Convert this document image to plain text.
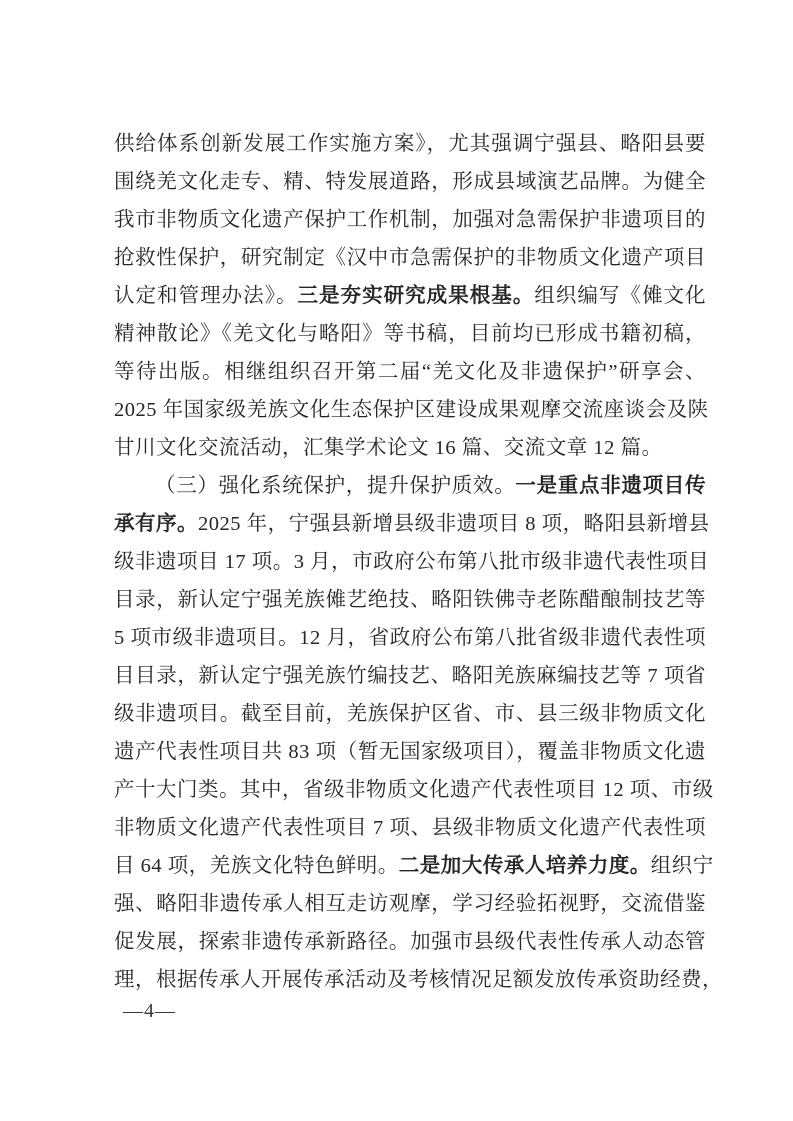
供给体系创新发展工作实施方案》，尤其强调宁强县、略阳县要
围绕羌文化走专、精、特发展道路，形成县域演艺品牌。为健全
我市非物质文化遗产保护工作机制，加强对急需保护非遗项目的
抢救性保护，研究制定《汉中市急需保护的非物质文化遗产项目
认定和管理办法》。三是夯实研究成果根基。组织编写《傩文化
精神散论》《羌文化与略阳》等书稿，目前均已形成书籍初稿，
等待出版。相继组织召开第二届“羌文化及非遗保护”研享会、
2025 年国家级羌族文化生态保护区建设成果观摩交流座谈会及陕
甘川文化交流活动，汇集学术论文 16 篇、交流文章 12 篇。
（三）强化系统保护，提升保护质效。一是重点非遗项目传
承有序。2025 年，宁强县新增县级非遗项目 8 项，略阳县新增县
级非遗项目 17 项。3 月，市政府公布第八批市级非遗代表性项目
目录，新认定宁强羌族傩艺绝技、略阳铁佛寺老陈醋酿制技艺等
5 项市级非遗项目。12 月，省政府公布第八批省级非遗代表性项
目目录，新认定宁强羌族竹编技艺、略阳羌族麻编技艺等 7 项省
级非遗项目。截至目前，羌族保护区省、市、县三级非物质文化
遗产代表性项目共 83 项（暂无国家级项目），覆盖非物质文化遗
产十大门类。其中，省级非物质文化遗产代表性项目 12 项、市级
非物质文化遗产代表性项目 7 项、县级非物质文化遗产代表性项
目 64 项，羌族文化特色鲜明。二是加大传承人培养力度。组织宁
强、略阳非遗传承人相互走访观摩，学习经验拓视野，交流借鉴
促发展，探索非遗传承新路径。加强市县级代表性传承人动态管
理，根据传承人开展传承活动及考核情况足额发放传承资助经费，
—4—
